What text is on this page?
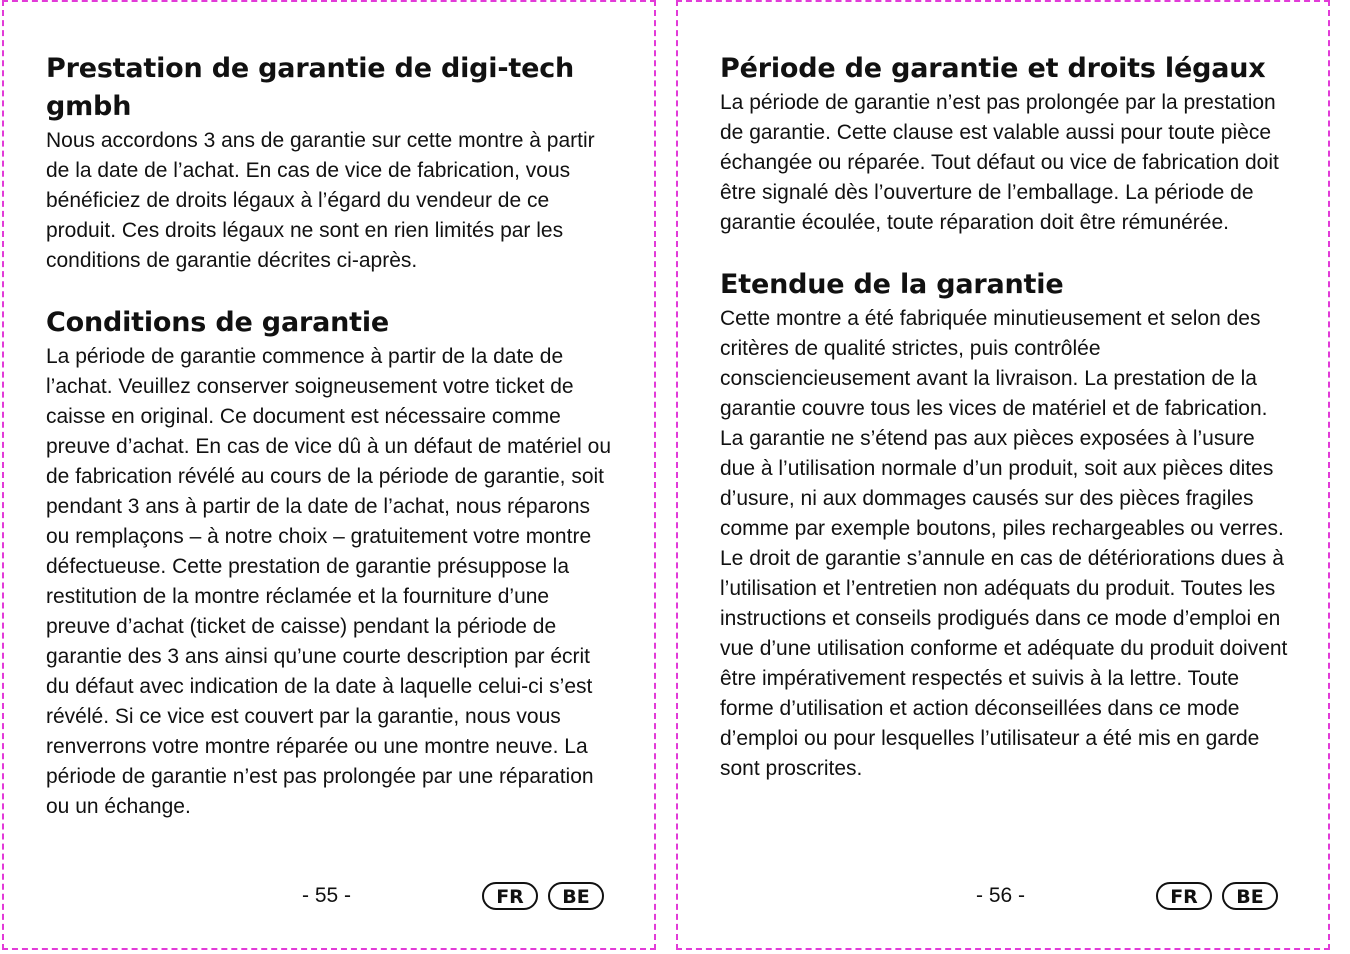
Prestation de garantie de digi-tech gmbh

Nous accordons 3 ans de garantie sur cette montre à partir de la date de l’achat. En cas de vice de fabrication, vous bénéficiez de droits légaux à l’égard du vendeur de ce produit. Ces droits légaux ne sont en rien limités par les conditions de garantie décrites ci-après.

Conditions de garantie

La période de garantie commence à partir de la date de l’achat. Veuillez conserver soigneusement votre ticket de caisse en original. Ce document est nécessaire comme preuve d’achat. En cas de vice dû à un défaut de matériel ou de fabrication révélé au cours de la période de garantie, soit pendant 3 ans à partir de la date de l’achat, nous réparons ou remplaçons – à notre choix – gratuitement votre montre défectueuse. Cette prestation de garantie présuppose la restitution de la montre réclamée et la fourniture d’une preuve d’achat (ticket de caisse) pendant la période de garantie des 3 ans ainsi qu’une courte description par écrit du défaut avec indication de la date à laquelle celui-ci s’est révélé. Si ce vice est couvert par la garantie, nous vous renverrons votre montre réparée ou une montre neuve. La période de garantie n’est pas prolongée par une réparation ou un échange.

- 55 -	FR	BE
Période de garantie et droits légaux

La période de garantie n’est pas prolongée par la prestation de garantie. Cette clause est valable aussi pour toute pièce échangée ou réparée. Tout défaut ou vice de fabrication doit être signalé dès l’ouverture de l’emballage. La période de garantie écoulée, toute réparation doit être rémunérée.

Etendue de la garantie

Cette montre a été fabriquée minutieusement et selon des critères de qualité strictes, puis contrôlée consciencieusement avant la livraison. La prestation de la garantie couvre tous les vices de matériel et de fabrication. La garantie ne s’étend pas aux pièces exposées à l’usure due à l’utilisation normale d’un produit, soit aux pièces dites d’usure, ni aux dommages causés sur des pièces fragiles comme par exemple boutons, piles rechargeables ou verres.
Le droit de garantie s’annule en cas de détériorations dues à l’utilisation et l’entretien non adéquats du produit. Toutes les instructions et conseils prodigués dans ce mode d’emploi en vue d’une utilisation conforme et adéquate du produit doivent être impérativement respectés et suivis à la lettre. Toute forme d’utilisation et action déconseillées dans ce mode d’emploi ou pour lesquelles l’utilisateur a été mis en garde sont proscrites.

- 56 -	FR	BE
